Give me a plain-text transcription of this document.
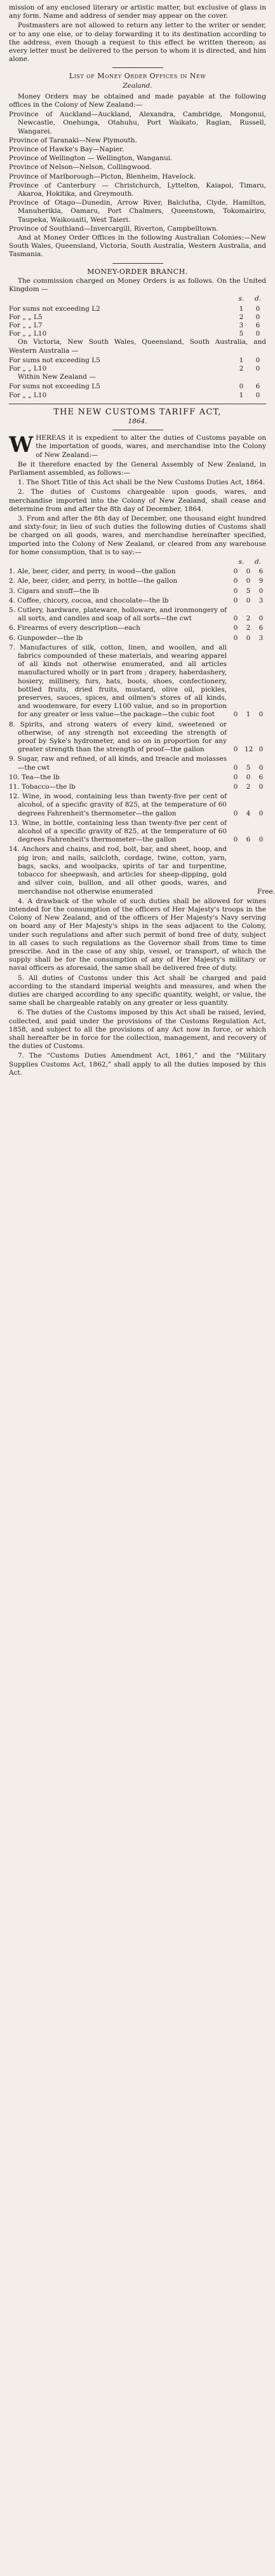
mission of any enclosed literary or artistic matter, but exclusive of glass in any form. Name and address of sender may appear on the cover.

Postmasters are not allowed to return any letter to the writer or sender, or to any one else, or to delay forwarding it to its destination according to the address, even though a request to this effect be written thereon; as every letter must be delivered to the person to whom it is directed, and him alone.

List of Money Order Offices in New
Zealand.

Money Orders may be obtained and made payable at the following offices in the Colony of New Zealand:—

Province of Auckland—Auckland, Alexandra, Cambridge, Mongonui, Newcastle, Onehunga, Otahuhu, Port Waikato, Raglan, Russell, Wangarei.

Province of Taranaki—New Plymouth.

Province of Hawke's Bay—Napier.

Province of Wellington — Wellington, Wanganui.

Province of Nelson—Nelson, Collingwood.

Province of Marlborough—Picton, Blenheim, Havelock.

Province of Canterbury — Christchurch, Lyttelton, Kaiapoi, Timaru, Akaroa, Hokitika, and Greymouth.

Province of Otago—Dunedin, Arrow River, Balclutha, Clyde, Hamilton, Manuherikia, Oamaru, Port Chalmers, Queenstown, Tokomairiro, Taupeka, Waikouaiti, West Taieri.

Province of Southland—Invercargill, Riverton, Campbelltown.

And at Money Order Offices in the following Australian Colonies:—New South Wales, Queensland, Victoria, South Australia, Western Australia, and Tasmania.

MONEY-ORDER BRANCH.

The commission charged on Money Orders is as follows. On the United Kingdom —

s. d.
For sums not exceeding L2	1	0
For „ „ L5	2	0
For „ „ L7	3	6
For „ „ L10	5	0

On Victoria, New South Wales, Queensland, South Australia, and Western Australia —

For sums not exceeding L5	1	0
For „ „ L10	2	0

Within New Zealand —

For sums not exceeding L5	0	6
For „ „ L10	1	0
THE NEW CUSTOMS TARIFF ACT,
1864.

WHEREAS it is expedient to alter the duties of Customs payable on the importation of goods, wares, and merchandise into the Colony of New Zealand:—

Be it therefore enacted by the General Assembly of New Zealand, in Parliament assembled, as follows:—

1. The Short Title of this Act shall be the New Customs Duties Act, 1864.

2. The duties of Customs chargeable upon goods, wares, and merchandise imported into the Colony of New Zealand, shall cease and determine from and after the 8th day of December, 1864.

3. From and after the 8th day of December, one thousand eight hundred and sixty-four, in lieu of such duties the following duties of Customs shall be charged on all goods, wares, and merchandise hereinafter specified, imported into the Colony of New Zealand, or cleared from any warehouse for home consumption, that is to say:—

s. d.
1. Ale, beer, cider, and perry, in wood—the gallon	0 0 6
2. Ale, beer, cider, and perry, in bottle—the gallon	0 0 9
3. Cigars and snuff—the lb	0 5 0
4. Coffee, chicory, cocoa, and chocolate—the lb	0 0 3
5. Cutlery, hardware, plateware, holloware, and ironmongery of all sorts, and candles and soap of all sorts—the cwt	0 2 0
6. Firearms of every description—each	0 2 6
6. Gunpowder—the lb	0 0 3
7. Manufactures of silk, cotton, linen, and woollen, and all fabrics compounded of these materials, and wearing apparel of all kinds not otherwise enumerated, and all articles manufactured wholly or in part from ; drapery, haberdashery, hosiery, millinery, furs, hats, boots, shoes, confectionery, bottled fruits, dried fruits, mustard, olive oil, pickles, preserves, sauces, spices, and oilmen's stores of all kinds, and woodenware, for every L100 value, and so in proportion for any greater or less value—the package—the cubic foot	0 1 0
8. Spirits, and strong waters of every kind, sweetened or otherwise, of any strength not exceeding the strength of proof by Syke's hydrometer, and so on in proportion for any greater strength than the strength of proof—the gallon	0 12 0
9. Sugar, raw and refined, of all kinds, and treacle and molasses—the cwt	0 5 0
10. Tea—the lb	0 0 6
11. Tobacco—the lb	0 2 0
12. Wine, in wood, containing less than twenty-five per cent of alcohol, of a specific gravity of 825, at the temperature of 60 degrees Fahrenheit's thermometer—the gallon	0 4 0
13. Wine, in bottle, containing less than twenty-five per cent of alcohol of a specific gravity of 825, at the temperature of 60 degrees Fahrenheit's thermometer—the gallon	0 6 0
14. Anchors and chains, and rod, bolt, bar, and sheet, hoop, and pig iron; and nails, sailcloth, cordage, twine, cotton, yarn, bags, sacks, and woolpacks, spirits of tar and turpentine, tobacco for sheepwash, and articles for sheep-dipping, gold and silver coin, bullion, and all other goods, wares, and merchandise not otherwise enumerated	Free.

4. A drawback of the whole of such duties shall be allowed for wines intended for the consumption of the officers of Her Majesty's troops in the Colony of New Zealand, and of the officers of Her Majesty's Navy serving on board any of Her Majesty's ships in the seas adjacent to the Colony, under such regulations and after such permit of bond free of duty, subject in all cases to such regulations as the Governor shall from time to time prescribe. And in the case of any ship, vessel, or transport, of which the supply shall be for the consumption of any of Her Majesty's military or naval officers as aforesaid, the same shall be delivered free of duty.

5. All duties of Customs under this Act shall be charged and paid according to the standard imperial weights and measures, and when the duties are charged according to any specific quantity, weight, or value, the same shall be chargeable ratably on any greater or less quantity.

6. The duties of the Customs imposed by this Act shall be raised, levied, collected, and paid under the provisions of the Customs Regulation Act, 1858, and subject to all the provisions of any Act now in force, or which shall hereafter be in force for the collection, management, and recovery of the duties of Customs.

7. The “Customs Duties Amendment Act, 1861,” and the “Military Supplies Customs Act, 1862,” shall apply to all the duties imposed by this Act.
